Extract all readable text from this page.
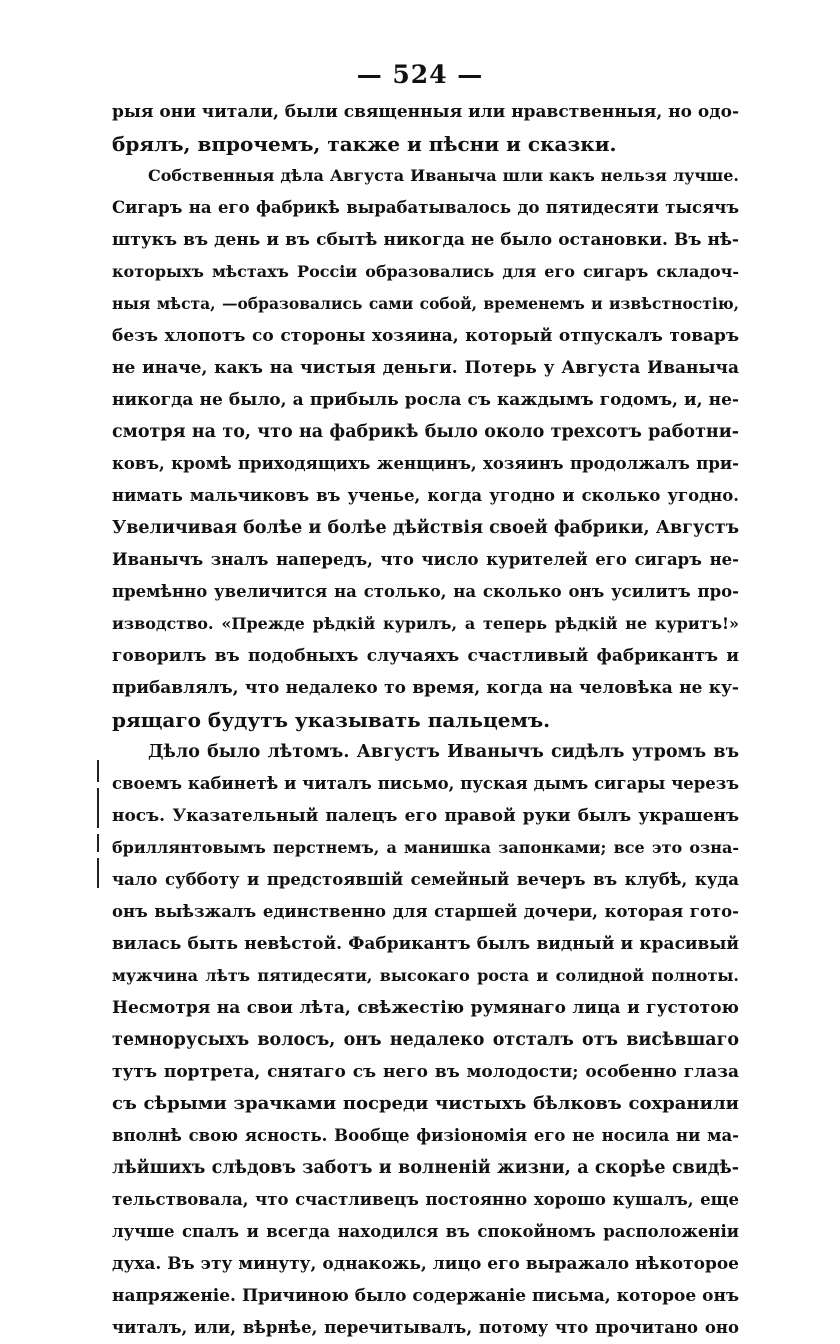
— 524 —
рыя они читали, были священныя или нравственныя, но одо-
брялъ, впрочемъ, также и пѣсни и сказки.
Собственныя дѣла Августа Иваныча шли какъ нельзя лучше.
Сигаръ на его фабрикѣ вырабатывалось до пятидесяти тысячъ
штукъ въ день и въ сбытѣ никогда не было остановки. Въ нѣ-
которыхъ мѣстахъ Россіи образовались для его сигаръ складоч-
ныя мѣста, —образовались сами собой, временемъ и извѣстностію,
безъ хлопотъ со стороны хозяина, который отпускалъ товаръ
не иначе, какъ на чистыя деньги. Потерь у Августа Иваныча
никогда не было, а прибыль росла съ каждымъ годомъ, и, не-
смотря на то, что на фабрикѣ было около трехсотъ работни-
ковъ, кромѣ приходящихъ женщинъ, хозяинъ продолжалъ при-
нимать мальчиковъ въ ученье, когда угодно и сколько угодно.
Увеличивая болѣе и болѣе дѣйствія своей фабрики, Августъ
Иванычъ зналъ напередъ, что число курителей его сигаръ не-
премѣнно увеличится на столько, на сколько онъ усилитъ про-
изводство. «Прежде рѣдкій курилъ, а теперь рѣдкій не куритъ!»
говорилъ въ подобныхъ случаяхъ счастливый фабрикантъ и
прибавлялъ, что недалеко то время, когда на человѣка не ку-
рящаго будутъ указывать пальцемъ.
Дѣло было лѣтомъ. Августъ Иванычъ сидѣлъ утромъ въ
своемъ кабинетѣ и читалъ письмо, пуская дымъ сигары черезъ
носъ. Указательный палецъ его правой руки былъ украшенъ
бриллянтовымъ перстнемъ, а манишка запонками; все это озна-
чало субботу и предстоявшій семейный вечеръ въ клубѣ, куда
онъ выѣзжалъ единственно для старшей дочери, которая гото-
вилась быть невѣстой. Фабрикантъ былъ видный и красивый
мужчина лѣтъ пятидесяти, высокаго роста и солидной полноты.
Несмотря на свои лѣта, свѣжестію румянаго лица и густотою
темнорусыхъ волосъ, онъ недалеко отсталъ отъ висѣвшаго
тутъ портрета, снятаго съ него въ молодости; особенно глаза
съ сѣрыми зрачками посреди чистыхъ бѣлковъ сохранили
вполнѣ свою ясность. Вообще физіономія его не носила ни ма-
лѣйшихъ слѣдовъ заботъ и волненій жизни, а скорѣе свидѣ-
тельствовала, что счастливецъ постоянно хорошо кушалъ, еще
лучше спалъ и всегда находился въ спокойномъ расположеніи
духа. Въ эту минуту, однакожь, лицо его выражало нѣкоторое
напряженіе. Причиною было содержаніе письма, которое онъ
читалъ, или, вѣрнѣе, перечитывалъ, потому что прочитано оно
